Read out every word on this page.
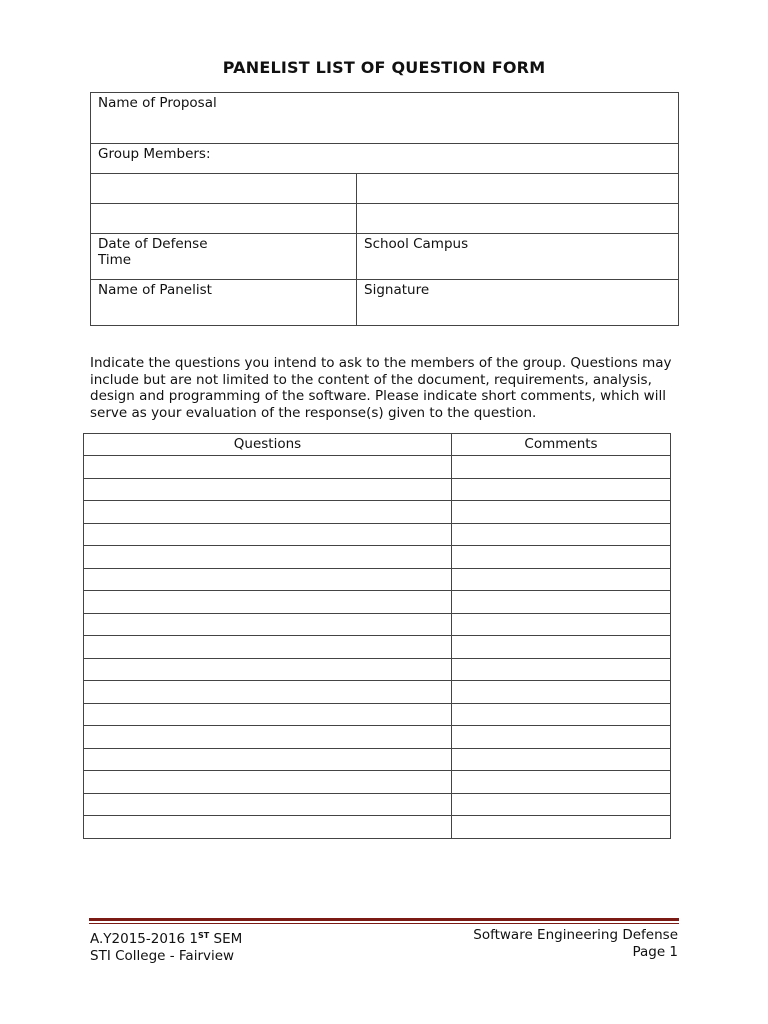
PANELIST LIST OF QUESTION FORM
Name of Proposal	
Group Members:	

Date of Defense
Time	School Campus
Name of Panelist	Signature
Indicate the questions you intend to ask to the members of the group. Questions may include but are not limited to the content of the document, requirements, analysis, design and programming of the software. Please indicate short comments, which will serve as your evaluation of the response(s) given to the question.
Questions	Comments

A.Y2015-2016 1ST SEM
STI College - Fairview
Software Engineering Defense
Page 1
